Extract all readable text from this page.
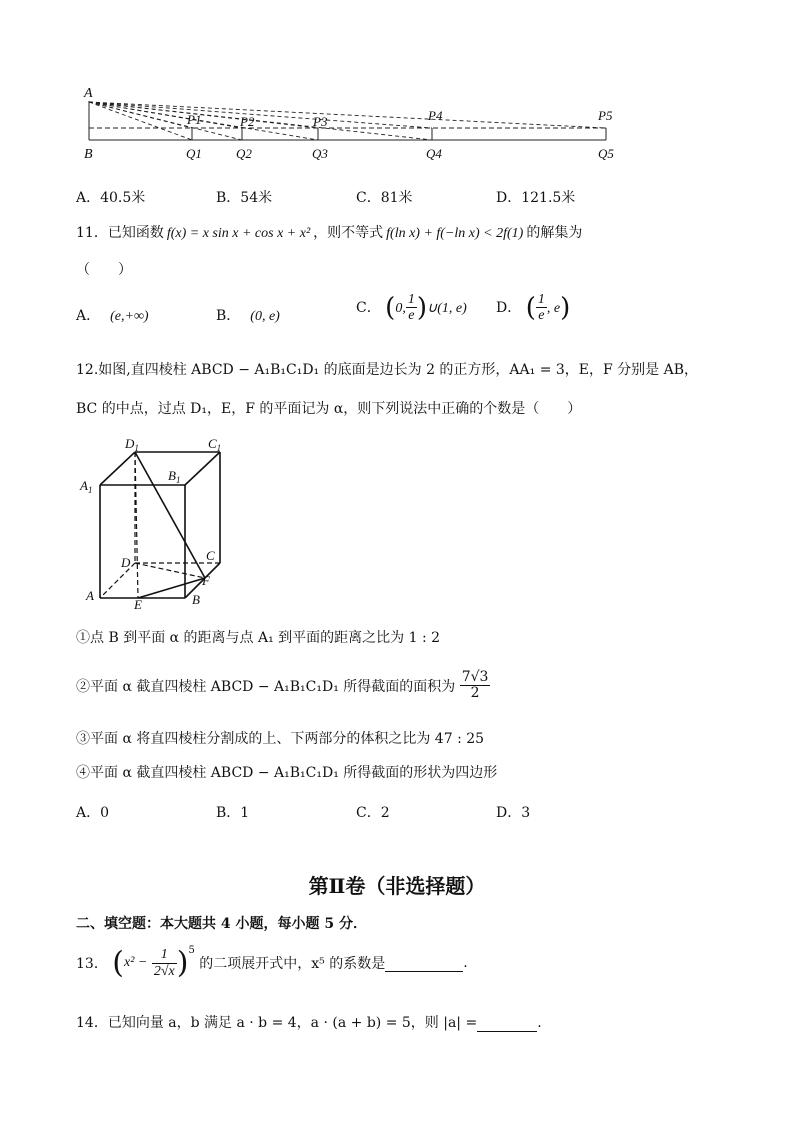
A
B
P1	P2	P3	P4	P5
Q1	Q2	Q3	Q4	Q5
A．40.5米	B．54米	C．81米	D．121.5米
11．已知函数 f(x) = x sin x + cos x + x² ，则不等式 f(ln x) + f(−ln x) < 2f(1) 的解集为
（　　）
A． (e,+∞)	B． (0, e)
C． (0, $\frac{1}{e}$ )∪(1, e) D． ( $\frac{1}{e}$ , e)
12.如图,直四棱柱 ABCD − A₁B₁C₁D₁ 的底面是边长为 2 的正方形，AA₁ = 3，E，F 分别是 AB，
BC 的中点，过点 D₁，E，F 的平面记为 α，则下列说法中正确的个数是（　　）
$D_1$	$C_1$
$A_1$
$B_1$
D	C
A	B
E
F
①点 B 到平面 α 的距离与点 A₁ 到平面的距离之比为 1 : 2
②平面 α 截直四棱柱 ABCD − A₁B₁C₁D₁ 所得截面的面积为 $\frac{7√3}{2}$
③平面 α 将直四棱柱分割成的上、下两部分的体积之比为 47 : 25
④平面 α 截直四棱柱 ABCD − A₁B₁C₁D₁ 所得截面的形状为四边形
A．0	B．1	C．2	D．3
第Ⅱ卷（非选择题）
二、填空题：本大题共 4 小题，每小题 5 分．
13． $(x^2 - \frac{1}{2√x} )^5$ 的二项展开式中，x⁵ 的系数是	.
14．已知向量 a，b 满足 a · b = 4，a · (a + b) = 5，则 |a| =	.
